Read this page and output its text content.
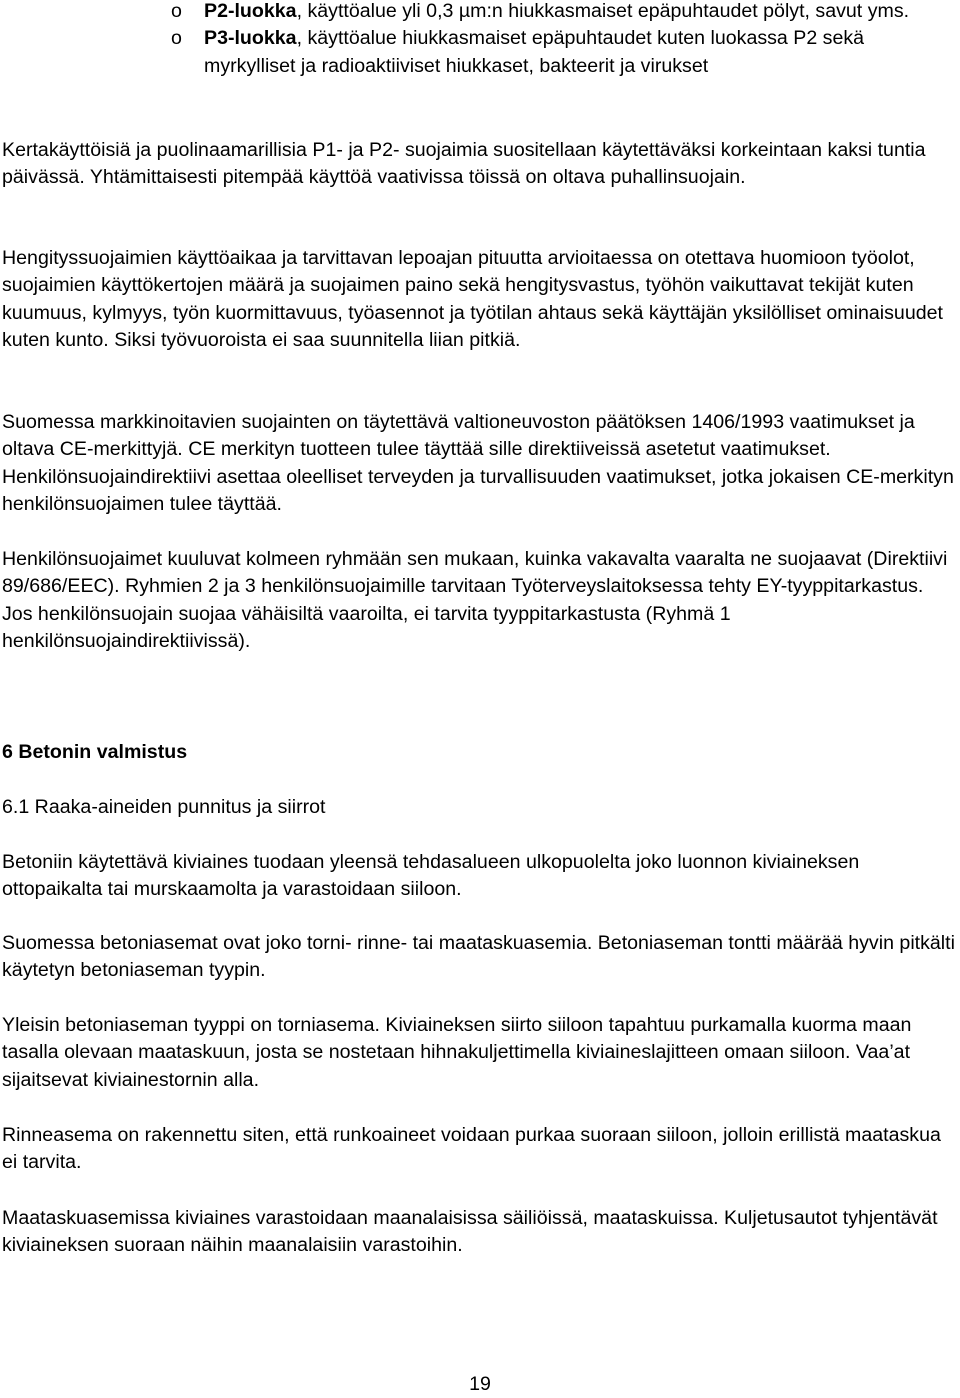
o P2-luokka, käyttöalue yli 0,3 µm:n hiukkasmaiset epäpuhtaudet pölyt, savut yms.
o P3-luokka, käyttöalue hiukkasmaiset epäpuhtaudet kuten luokassa P2 sekä myrkylliset ja radioaktiiviset hiukkaset, bakteerit ja virukset

Kertakäyttöisiä ja puolinaamarillisia P1- ja P2- suojaimia suositellaan käytettäväksi korkeintaan kaksi tuntia päivässä. Yhtämittaisesti pitempää käyttöä vaativissa töissä on oltava puhallinsuojain.

Hengityssuojaimien käyttöaikaa ja tarvittavan lepoajan pituutta arvioitaessa on otettava huomioon työolot, suojaimien käyttökertojen määrä ja suojaimen paino sekä hengitysvastus, työhön vaikuttavat tekijät kuten kuumuus, kylmyys, työn kuormittavuus, työasennot ja työtilan ahtaus sekä käyttäjän yksilölliset ominaisuudet kuten kunto. Siksi työvuoroista ei saa suunnitella liian pitkiä.

Suomessa markkinoitavien suojainten on täytettävä valtioneuvoston päätöksen 1406/1993 vaatimukset ja oltava CE-merkittyjä. CE merkityn tuotteen tulee täyttää sille direktiiveissä asetetut vaatimukset. Henkilönsuojaindirektiivi asettaa oleelliset terveyden ja turvallisuuden vaatimukset, jotka jokaisen CE-merkityn henkilönsuojaimen tulee täyttää.

Henkilönsuojaimet kuuluvat kolmeen ryhmään sen mukaan, kuinka vakavalta vaaralta ne suojaavat (Direktiivi 89/686/EEC). Ryhmien 2 ja 3 henkilönsuojaimille tarvitaan Työterveyslaitoksessa tehty EY-tyyppitarkastus. Jos henkilönsuojain suojaa vähäisiltä vaaroilta, ei tarvita tyyppitarkastusta (Ryhmä 1 henkilönsuojaindirektiivissä).

6 Betonin valmistus
6.1 Raaka-aineiden punnitus ja siirrot

Betoniin käytettävä kiviaines tuodaan yleensä tehdasalueen ulkopuolelta joko luonnon kiviaineksen ottopaikalta tai murskaamolta ja varastoidaan siiloon.

Suomessa betoniasemat ovat joko torni- rinne- tai maataskuasemia. Betoniaseman tontti määrää hyvin pitkälti käytetyn betoniaseman tyypin.

Yleisin betoniaseman tyyppi on torniasema. Kiviaineksen siirto siiloon tapahtuu purkamalla kuorma maan tasalla olevaan maataskuun, josta se nostetaan hihnakuljettimella kiviaineslajitteen omaan siiloon. Vaa’at sijaitsevat kiviainestornin alla.

Rinneasema on rakennettu siten, että runkoaineet voidaan purkaa suoraan siiloon, jolloin erillistä maataskua ei tarvita.

Maataskuasemissa kiviaines varastoidaan maanalaisissa säiliöissä, maataskuissa. Kuljetusautot tyhjentävät kiviaineksen suoraan näihin maanalaisiin varastoihin.

19
